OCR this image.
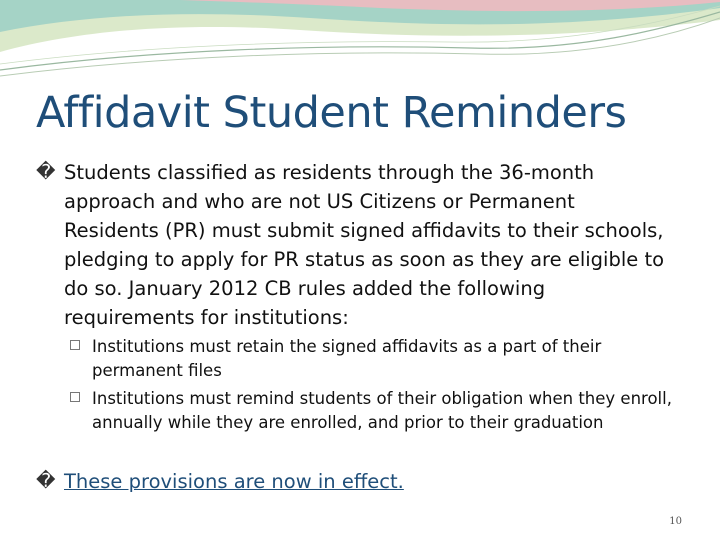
Affidavit Student Reminders
� Students classified as residents through the 36-month approach and who are not US Citizens or Permanent Residents (PR) must submit signed affidavits to their schools, pledging to apply for PR status as soon as they are eligible to do so. January 2012 CB rules added the following requirements for institutions:
Institutions must retain the signed affidavits as a part of their permanent files
Institutions must remind students of their obligation when they enroll, annually while they are enrolled, and prior to their graduation
� These provisions are now in effect.
10
